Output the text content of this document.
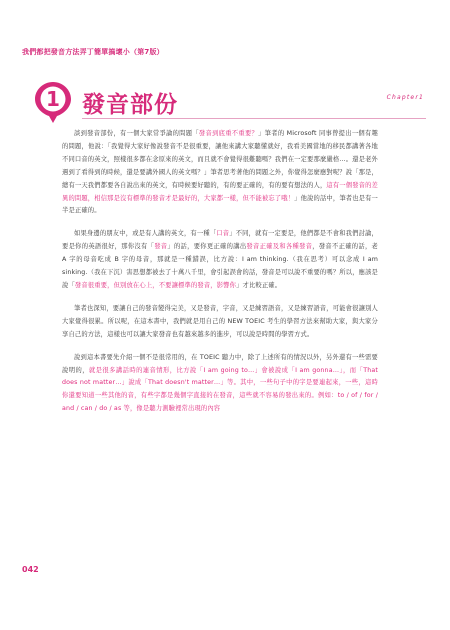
我們都把發音方法弄丁簡單搞壞小（第7版）
1 發音部份	Chapter1

談到發音部份，有一個大家常爭論的問題「發音到底重不重要？」筆者的 Microsoft 同事曾提出一個有趣的問題，他說：「我覺得大家好像說發音不是很重要，讓他來講大家聽懂就好，我看美國當地的移民都講著各地不同口音的英文，照樣很多都在念原來的英文，而且就不會覺得很難聽嗎？我們在一定要那麼嚴格…。還是老外遇到了看得到的時候，還是要講外國人的英文嗎？」筆者思考著他的問題之外，你覺得怎麼應對呢？說「那是，總有一天我們都要各自說出來的英文，有時候要好聽的，有的要正確的，有的要有想法的人，這有一個發音的差異的問題，相信那是沒有標準的發音才是最好的，大家都一樣，但不能被忘了哦！」他說的話中，筆者也是有一半是正確的。

如果身邊的朋友中，或是有人講的英文，有一種「口音」不同，就有一定要是，他們都是不會和我們討論，要是你的英語很好，那你沒有「發音」的話，要你更正確的講出發音正確及和各種發音，發音不正確的話，老 A 字的母音吃成 B 字的母音，那就是一種錯誤，比方說：I am thinking.（我在思考）可以念成 I am sinking.（我在下沉）害思想都被去了十萬八千里，會引起誤會的話，發音是可以說不重要的嗎？所以，應該是說「發音很重要，但別放在心上，不要讓標準的發音，影響你」才比較正確。

筆者也深知，要讓自己的發音變得完美，又是發音，字音，又是練習語音，又是練習語音，可能會很讓別人大家覺得很累。所以呢，在這本書中，我們就是用自己的 NEW TOEIC 考生的學習方法來幫助大家，與大家分享自己的方法，這樣也可以讓大家發音也有越來越多的進步，可以說是時間的學習方式。

說到這本書要先介紹一個不是很常用的，在 TOEIC 聽力中，除了上述所有的情況以外，另外還有一些需要說明的，就是很多講話時的連音情形，比方說「I am going to…」會被說成「I am gonna…」，而「That does not matter…」說成「That doesn't matter…」等。其中，一些句子中的字是要連起來，一些，這時你還要知道一些其他的音，有些字都是幾個字直接的在發音，這些就不容易的發出來的。例如：to / of / for / and / can / do / as 等，像是聽力測驗裡常出現的內容

042
